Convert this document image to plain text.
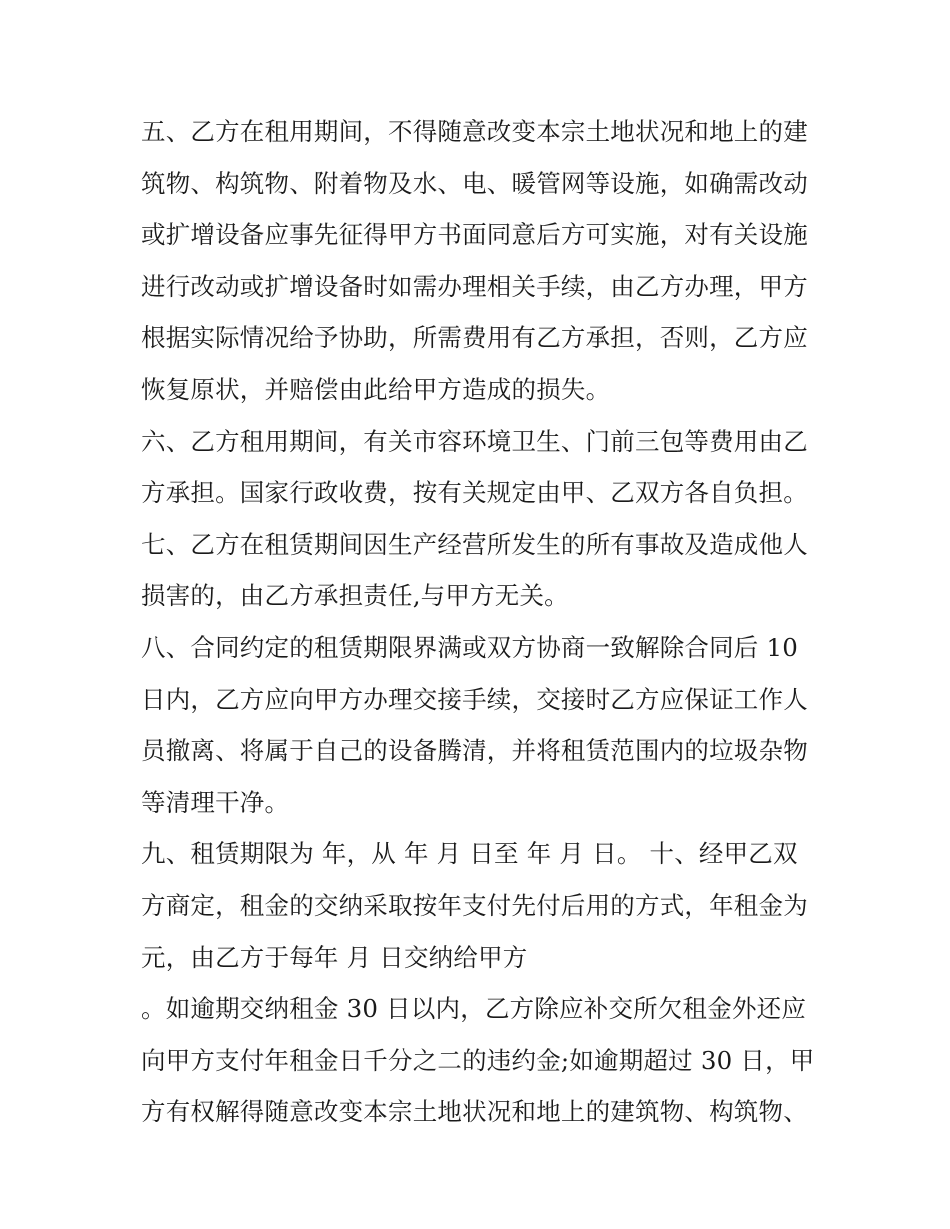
五、乙方在租用期间，不得随意改变本宗土地状况和地上的建
筑物、构筑物、附着物及水、电、暖管网等设施，如确需改动
或扩增设备应事先征得甲方书面同意后方可实施，对有关设施
进行改动或扩增设备时如需办理相关手续，由乙方办理，甲方
根据实际情况给予协助，所需费用有乙方承担，否则，乙方应
恢复原状，并赔偿由此给甲方造成的损失。
六、乙方租用期间，有关市容环境卫生、门前三包等费用由乙
方承担。国家行政收费，按有关规定由甲、乙双方各自负担。
七、乙方在租赁期间因生产经营所发生的所有事故及造成他人
损害的，由乙方承担责任,与甲方无关。
八、合同约定的租赁期限界满或双方协商一致解除合同后 10
日内，乙方应向甲方办理交接手续，交接时乙方应保证工作人
员撤离、将属于自己的设备腾清，并将租赁范围内的垃圾杂物
等清理干净。
九、租赁期限为 年，从 年 月 日至 年 月 日。 十、经甲乙双
方商定，租金的交纳采取按年支付先付后用的方式，年租金为
元，由乙方于每年 月 日交纳给甲方
。如逾期交纳租金 30 日以内，乙方除应补交所欠租金外还应
向甲方支付年租金日千分之二的违约金;如逾期超过 30 日，甲
方有权解得随意改变本宗土地状况和地上的建筑物、构筑物、
